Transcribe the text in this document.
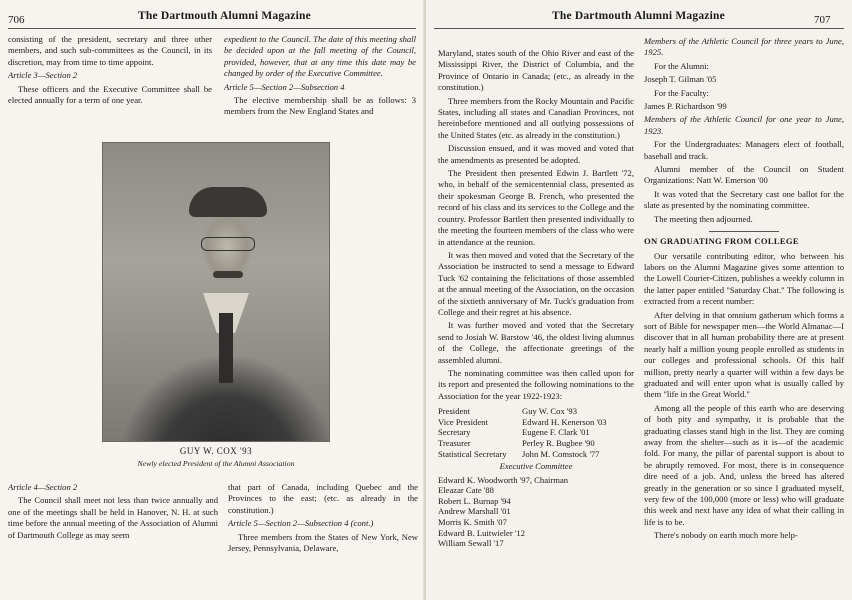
706	The Dartmouth Alumni Magazine

consisting of the president, secretary and three other members, and such sub-committees as the Council, in its discretion, may from time to time appoint.

Article 3—Section 2

These officers and the Executive Committee shall be elected annually for a term of one year.

expedient to the Council. The date of this meeting shall be decided upon at the fall meeting of the Council, provided, however, that at any time this date may be changed by order of the Executive Committee.

Article 5—Section 2—Subsection 4

The elective membership shall be as follows: 3 members from the New England States and

GUY W. COX '93
Newly elected President of the Alumni Association

Article 4—Section 2

The Council shall meet not less than twice annually and one of the meetings shall be held in Hanover, N. H. at such time before the annual meeting of the Association of Alumni of Dartmouth College as may seem

that part of Canada, including Quebec and the Provinces to the east; (etc. as already in the constitution.)

Article 5—Section 2—Subsection 4 (cont.)

Three members from the States of New York, New Jersey, Pennsylvania, Delaware,

The Dartmouth Alumni Magazine	707

Maryland, states south of the Ohio River and east of the Mississippi River, the District of Columbia, and the Province of Ontario in Canada; (etc., as already in the constitution.)

Three members from the Rocky Mountain and Pacific States, including all states and Canadian Provinces, not hereinbefore mentioned and all outlying possessions of the United States (etc. as already in the constitution.)

Discussion ensued, and it was moved and voted that the amendments as presented be adopted.

The President then presented Edwin J. Bartlett '72, who, in behalf of the semicentennial class, presented as their spokesman George B. French, who presented the record of his class and its services to the College and the country. Professor Bartlett then presented individually to the meeting the fourteen members of the class who were in attendance at the reunion.

It was then moved and voted that the Secretary of the Association be instructed to send a message to Edward Tuck '62 containing the felicitations of those assembled at the annual meeting of the Association, on the occasion of the sixtieth anniversary of Mr. Tuck's graduation from College and their regret at his absence.

It was further moved and voted that the Secretary send to Josiah W. Barstow '46, the oldest living alumnus of the College, the affectionate greetings of the assembled alumni.

The nominating committee was then called upon for its report and presented the following nominations to the Association for the year 1922-1923:

President	Guy W. Cox '93
Vice President	Edward H. Kenerson '03
Secretary	Eugene F. Clark '01
Treasurer	Perley R. Bugbee '90
Statistical Secretary	John M. Comstock '77

Executive Committee

Edward K. Woodworth '97, Chairman
Eleazar Cate '88
Robert L. Burnap '94
Andrew Marshall '01
Morris K. Smith '07
Edward B. Luitwieler '12
William Sewall '17

Members of the Athletic Council for three years to June, 1925.

For the Alumni:

Joseph T. Gilman '05

For the Faculty:

James P. Richardson '99

Members of the Athletic Council for one year to June, 1923.

For the Undergraduates: Managers elect of football, baseball and track.

Alumni member of the Council on Student Organizations: Natt W. Emerson '00

It was voted that the Secretary cast one ballot for the slate as presented by the nominating committee.

The meeting then adjourned.

ON GRADUATING FROM COLLEGE

Our versatile contributing editor, who between his labors on the Alumni Magazine gives some attention to the Lowell Courier-Citizen, publishes a weekly column in the latter paper entitled "Saturday Chat." The following is extracted from a recent number:

After delving in that omnium gatherum which forms a sort of Bible for newspaper men—the World Almanac—I discover that in all human probability there are at present nearly half a million young people enrolled as students in our colleges and professional schools. Of this half million, pretty nearly a quarter will within a few days be graduated and will enter upon what is usually called by them "life in the Great World."

Among all the people of this earth who are deserving of both pity and sympathy, it is probable that the graduating classes stand high in the list. They are coming away from the shelter—such as it is—of the academic fold. For many, the pillar of parental support is about to be abruptly removed. For most, there is in consequence dire need of a job. And, unless the breed has altered greatly in the generation or so since I graduated myself, very few of the 100,000 (more or less) who will graduate this week and next have any idea of what their calling in life is to be.

There's nobody on earth much more help-
